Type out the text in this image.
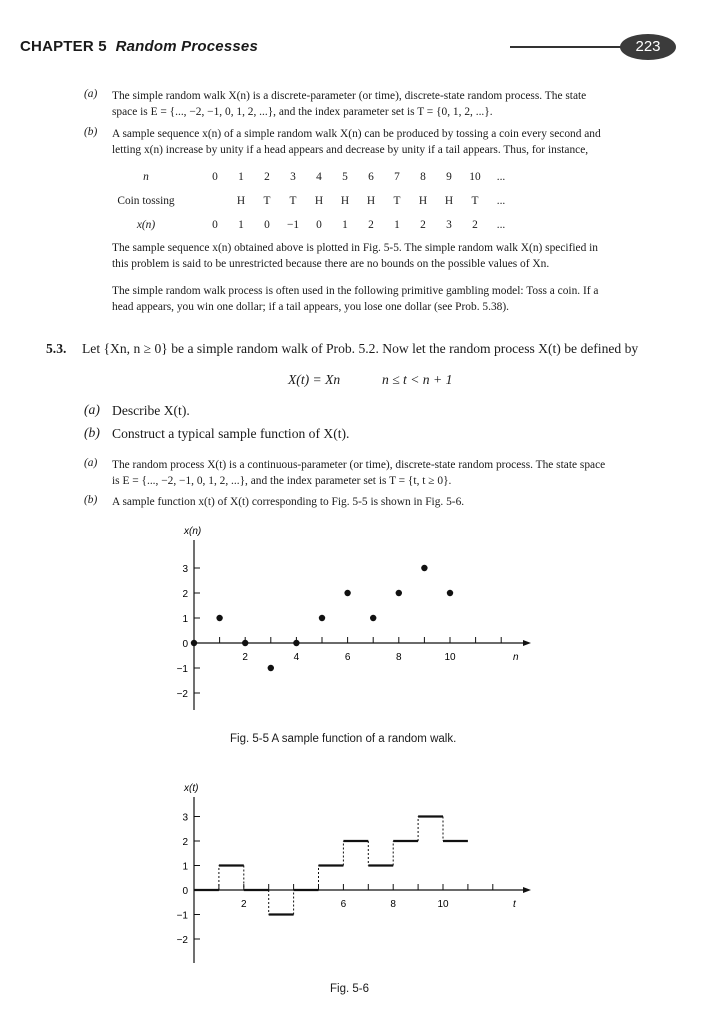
CHAPTER 5 Random Processes	223
(a) The simple random walk X(n) is a discrete-parameter (or time), discrete-state random process. The state
space is E = {..., −2, −1, 0, 1, 2, ...}, and the index parameter set is T = {0, 1, 2, ...}.
(b) A sample sequence x(n) of a simple random walk X(n) can be produced by tossing a coin every second and
letting x(n) increase by unity if a head appears and decrease by unity if a tail appears. Thus, for instance,
n	0	1	2	3	4	5	6	7	8	9	10	...
Coin tossing		H	T	T	H	H	H	T	H	H	T	...
x(n)	0	1	0	−1	0	1	2	1	2	3	2	...
The sample sequence x(n) obtained above is plotted in Fig. 5-5. The simple random walk X(n) specified in
this problem is said to be unrestricted because there are no bounds on the possible values of Xn.
The simple random walk process is often used in the following primitive gambling model: Toss a coin. If a
head appears, you win one dollar; if a tail appears, you lose one dollar (see Prob. 5.38).
5.3. Let {Xn, n ≥ 0} be a simple random walk of Prob. 5.2. Now let the random process X(t) be defined by
X(t) = Xn	n ≤ t < n + 1
(a) Describe X(t).
(b) Construct a typical sample function of X(t).
(a) The random process X(t) is a continuous-parameter (or time), discrete-state random process. The state space
is E = {..., −2, −1, 0, 1, 2, ...}, and the index parameter set is T = {t, t ≥ 0}.
(b) A sample function x(t) of X(t) corresponding to Fig. 5-5 is shown in Fig. 5-6.
x(n)
n
−2
−1
0
1
2
3
2	4	6	8	10
Fig. 5-5 A sample function of a random walk.
x(t)
t
−2
−1
0
1
2
3
2	6	8	10
Fig. 5-6
